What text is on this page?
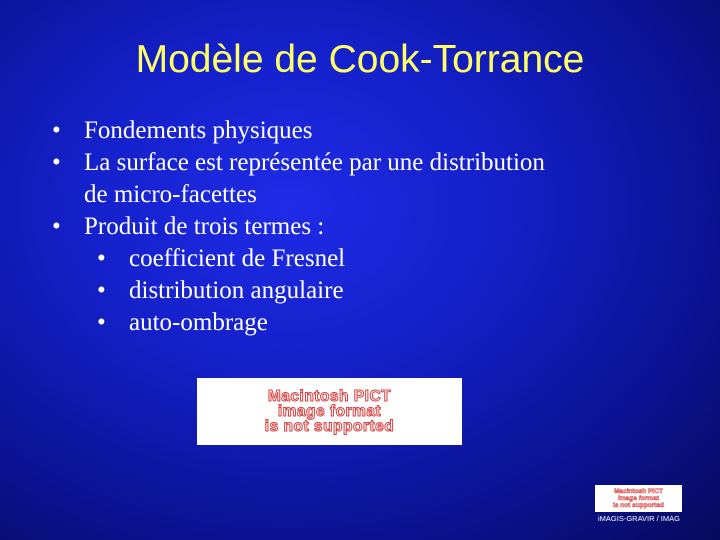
Modèle de Cook-Torrance
• Fondements physiques
• La surface est représentée par une distribution
de micro-facettes
• Produit de trois termes :
• coefficient de Fresnel
• distribution angulaire
• auto-ombrage
Macintosh PICT
image format
is not supported
Macintosh PICT
image format
is not supported
iMAGIS-GRAVIR / IMAG
